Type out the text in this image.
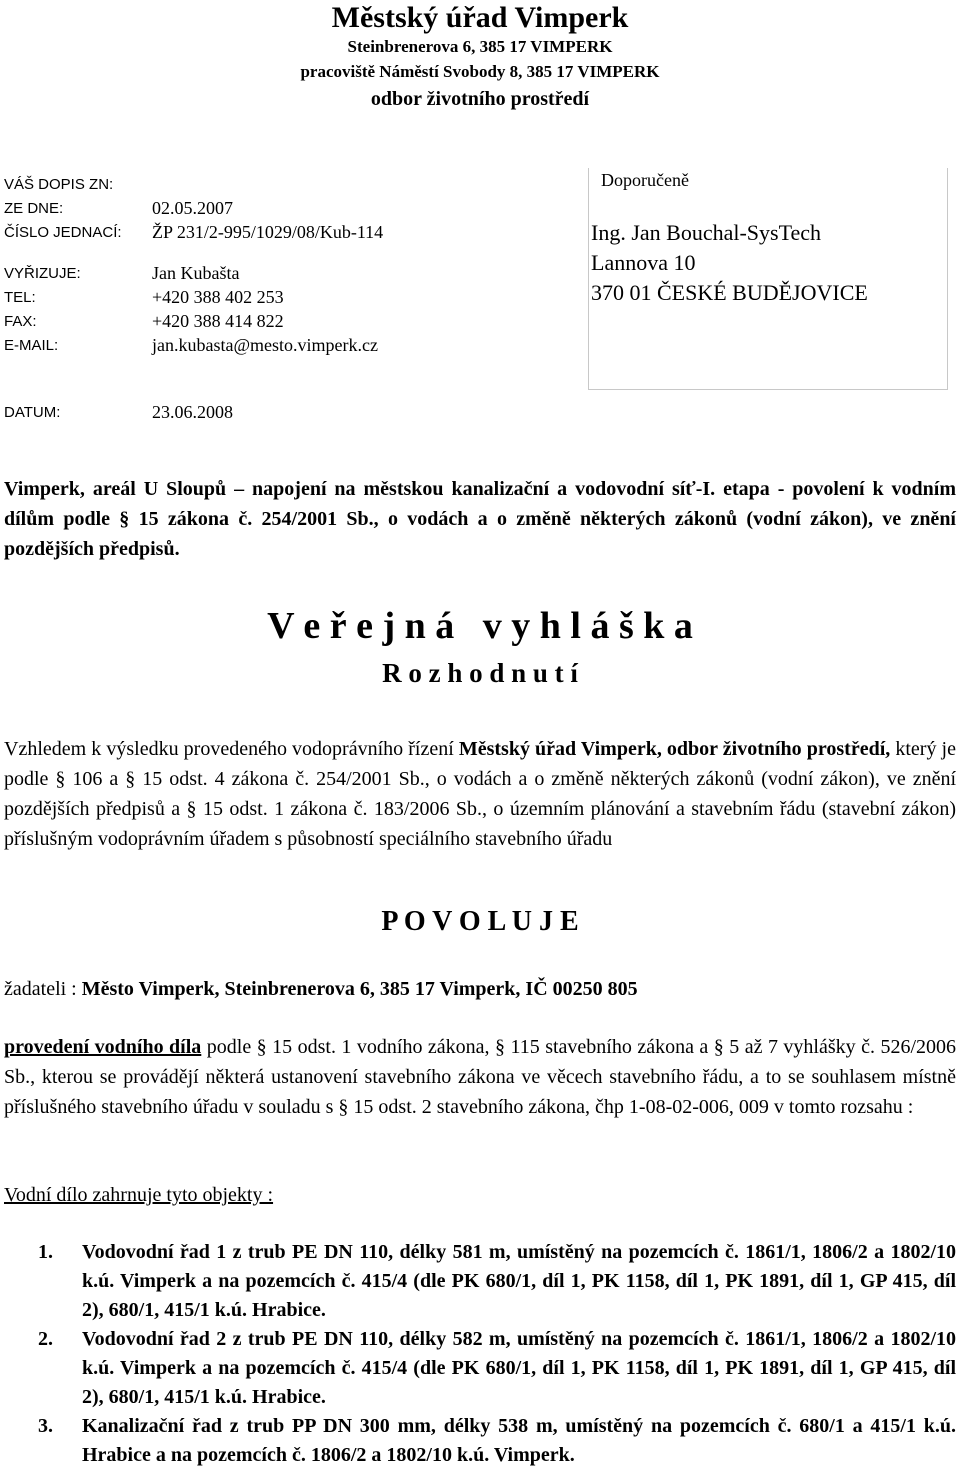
Městský úřad Vimperk
Steinbrenerova 6, 385 17 VIMPERK
pracoviště Náměstí Svobody 8, 385 17 VIMPERK
odbor životního prostředí
VÁŠ DOPIS ZN:
ZE DNE:	02.05.2007
ČÍSLO JEDNACÍ:	ŽP 231/2-995/1029/08/Kub-114
VYŘIZUJE:	Jan Kubašta
TEL:	+420 388 402 253
FAX:	+420 388 414 822
E-MAIL:	jan.kubasta@mesto.vimperk.cz
Doporučeně
Ing. Jan Bouchal-SysTech
Lannova 10
370 01 ČESKÉ BUDĚJOVICE
DATUM:	23.06.2008
Vimperk, areál U Sloupů – napojení na městskou kanalizační a vodovodní síť-I. etapa - povolení k vodním dílům podle § 15 zákona č. 254/2001 Sb., o vodách a o změně některých zákonů (vodní zákon), ve znění pozdějších předpisů.
V e ř e j n á   v y h l á š k a
R o z h o d n u t í
Vzhledem k výsledku provedeného vodoprávního řízení Městský úřad Vimperk, odbor životního prostředí, který je podle § 106 a § 15 odst. 4 zákona č. 254/2001 Sb., o vodách a o změně některých zákonů (vodní zákon), ve znění pozdějších předpisů a § 15 odst. 1 zákona č. 183/2006 Sb., o územním plánování a stavebním řádu (stavební zákon) příslušným vodoprávním úřadem s působností speciálního stavebního úřadu
P O V O L U J E
žadateli : Město Vimperk, Steinbrenerova 6, 385 17 Vimperk, IČ 00250 805
provedení vodního díla podle § 15 odst. 1 vodního zákona, § 115 stavebního zákona a § 5 až 7 vyhlášky č. 526/2006 Sb., kterou se provádějí některá ustanovení stavebního zákona ve věcech stavebního řádu, a to se souhlasem místně příslušného stavebního úřadu v souladu s § 15 odst. 2 stavebního zákona, čhp 1-08-02-006, 009 v tomto rozsahu :
Vodní dílo zahrnuje tyto objekty :
1.	Vodovodní řad 1 z trub PE DN 110, délky 581 m, umístěný na pozemcích č. 1861/1, 1806/2 a 1802/10 k.ú. Vimperk a na pozemcích č. 415/4 (dle PK 680/1, díl 1, PK 1158, díl 1, PK 1891, díl 1, GP 415, díl 2), 680/1, 415/1 k.ú. Hrabice.
2.	Vodovodní řad 2 z trub PE DN 110, délky 582 m, umístěný na pozemcích č. 1861/1, 1806/2 a 1802/10 k.ú. Vimperk a na pozemcích č. 415/4 (dle PK 680/1, díl 1, PK 1158, díl 1, PK 1891, díl 1, GP 415, díl 2), 680/1, 415/1 k.ú. Hrabice.
3.	Kanalizační řad z trub PP DN 300 mm, délky 538 m, umístěný na pozemcích č. 680/1 a 415/1 k.ú. Hrabice a na pozemcích č. 1806/2 a 1802/10 k.ú. Vimperk.
